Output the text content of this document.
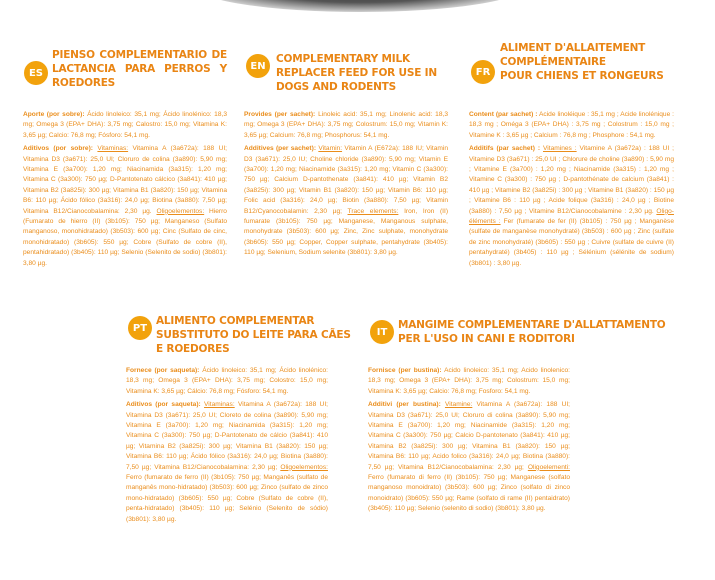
ES
PIENSO COMPLEMENTARIO DE LACTANCIA PARA PERROS Y ROEDORES

Aporte (por sobre): Ácido linoleico: 35,1 mg; Ácido linolénico: 18,3 mg; Omega 3 (EPA+ DHA): 3,75 mg; Calostro: 15,0 mg; Vitamina K: 3,65 µg; Calcio: 76,8 mg; Fósforo: 54,1 mg.

Aditivos (por sobre): Vitaminas: Vitamina A (3a672a): 188 UI; Vitamina D3 (3a671): 25,0 UI; Cloruro de colina (3a890): 5,90 mg; Vitamina E (3a700): 1,20 mg; Niacinamida (3a315): 1,20 mg; Vitamina C (3a300): 750 µg; D-Pantotenato cálcico (3a841): 410 µg; Vitamina B2 (3a825i): 300 µg; Vitamina B1 (3a820): 150 µg; Vitamina B6: 110 µg; Ácido fólico (3a316): 24,0 µg; Biotina (3a880): 7,50 µg; Vitamina B12/Cianocobalamina: 2,30 µg. Oligoelementos: Hierro (Fumarato de hierro (II) (3b105): 750 µg; Manganeso (Sulfato manganoso, monohidratado) (3b503): 600 µg; Cinc (Sulfato de cinc, monohidratado) (3b605): 550 µg; Cobre (Sulfato de cobre (II), pentahidratado) (3b405): 110 µg; Selenio (Selenito de sodio) (3b801): 3,80 µg.

EN
COMPLEMENTARY MILK REPLACER FEED FOR USE IN DOGS AND RODENTS

Provides (per sachet): Linoleic acid: 35,1 mg; Linolenic acid: 18,3 mg; Omega 3 (EPA+ DHA): 3,75 mg; Colostrum: 15,0 mg; Vitamin K: 3,65 µg; Calcium: 76,8 mg; Phosphorus: 54,1 mg.

Additives (per sachet): Vitamin: Vitamin A (E672a): 188 IU; Vitamin D3 (3a671): 25,0 IU; Choline chloride (3a890): 5,90 mg; Vitamin E (3a700): 1,20 mg; Niacinamide (3a315): 1,20 mg; Vitamin C (3a300): 750 µg; Calcium D-pantothenate (3a841): 410 µg; Vitamin B2 (3a825i): 300 µg; Vitamin B1 (3a820): 150 µg; Vitamin B6: 110 µg; Folic acid (3a316): 24,0 µg; Biotin (3a880): 7,50 µg; Vitamin B12/Cyanocobalamin: 2,30 µg; Trace elements: Iron, Iron (II) fumarate (3b105): 750 µg; Manganese, Manganous sulphate, monohydrate (3b503): 600 µg; Zinc, Zinc sulphate, monohydrate (3b605): 550 µg; Copper, Copper sulphate, pentahydrate (3b405): 110 µg; Selenium, Sodium selenite (3b801): 3,80 µg.

FR
ALIMENT D'ALLAITEMENT
COMPLÉMENTAIRE
POUR CHIENS ET RONGEURS

Content (par sachet) : Acide linoléique : 35,1 mg ; Acide linolénique : 18,3 mg ; Oméga 3 (EPA+ DHA) : 3,75 mg ; Colostrum : 15,0 mg ; Vitamine K : 3,65 µg ; Calcium : 76,8 mg ; Phosphore : 54,1 mg.

Additifs (par sachet) : Vitamines : Vitamine A (3a672a) : 188 UI ; Vitamine D3 (3a671) : 25,0 UI ; Chlorure de choline (3a890) : 5,90 mg ; Vitamine E (3a700) : 1,20 mg ; Niacinamide (3a315) : 1,20 mg ; Vitamine C (3a300) : 750 µg ; D-pantothénate de calcium (3a841) : 410 µg ; Vitamine B2 (3a825i) : 300 µg ; Vitamine B1 (3a820) : 150 µg ; Vitamine B6 : 110 µg ; Acide folique (3a316) : 24,0 µg ; Biotine (3a880) : 7,50 µg ; Vitamine B12/Cianocobalamine : 2,30 µg. Oligo-éléments : Fer (fumarate de fer (II) (3b105) : 750 µg ; Manganèse (sulfate de manganèse monohydraté) (3b503) : 600 µg ; Zinc (sulfate de zinc monohydraté) (3b605) : 550 µg ; Cuivre (sulfate de cuivre (II) pentahydraté) (3b405) : 110 µg ; Sélénium (sélénite de sodium) (3b801) : 3,80 µg.

PT
ALIMENTO COMPLEMENTAR SUBSTITUTO DO LEITE PARA CÃES E ROEDORES

Fornece (por saqueta): Ácido linoleico: 35,1 mg; Ácido linolénico: 18,3 mg; Omega 3 (EPA+ DHA): 3,75 mg; Colostro: 15,0 mg; Vitamina K: 3,65 µg; Cálcio: 76,8 mg; Fósforo: 54,1 mg.

Aditivos (por saqueta): Vitaminas: Vitamina A (3a672a): 188 UI; Vitamina D3 (3a671): 25,0 UI; Cloreto de colina (3a890): 5,90 mg; Vitamina E (3a700): 1,20 mg; Niacinamida (3a315): 1,20 mg; Vitamina C (3a300): 750 µg; D-Pantotenato de cálcio (3a841): 410 µg; Vitamina B2 (3a825i): 300 µg; Vitamina B1 (3a820): 150 µg; Vitamina B6: 110 µg; Ácido fólico (3a316): 24,0 µg; Biotina (3a880): 7,50 µg; Vitamina B12/Cianocobalamina: 2,30 µg; Oligoelementos: Ferro (fumarato de ferro (II) (3b105): 750 µg; Manganês (sulfato de manganês mono-hidratado) (3b503): 600 µg; Zinco (sulfato de zinco mono-hidratado) (3b605): 550 µg; Cobre (Sulfato de cobre (II), penta-hidratado) (3b405): 110 µg; Selénio (Selenito de sódio) (3b801): 3,80 µg.

IT
MANGIME COMPLEMENTARE D'ALLATTAMENTO PER L'USO IN CANI E RODITORI

Fornisce (per bustina): Acido linoleico: 35,1 mg; Acido linolenico: 18,3 mg; Omega 3 (EPA+ DHA): 3,75 mg; Colostrum: 15,0 mg; Vitamina K: 3,65 µg; Calcio: 76,8 mg; Fosforo: 54,1 mg.

Additivi (per bustina): Vitamine: Vitamina A (3a672a): 188 UI; Vitamina D3 (3a671): 25,0 UI; Cloruro di colina (3a890): 5,90 mg; Vitamina E (3a700): 1,20 mg; Niacinamide (3a315): 1,20 mg; Vitamina C (3a300): 750 µg; Calcio D-pantotenato (3a841): 410 µg; Vitamina B2 (3a825i): 300 µg; Vitamina B1 (3a820): 150 µg; Vitamina B6: 110 µg; Acido folico (3a316): 24,0 µg; Biotina (3a880): 7,50 µg; Vitamina B12/Cianocobalamina: 2,30 µg; Oligoelementi: Ferro (fumarato di ferro (II) (3b105): 750 µg; Manganese (solfato manganoso monoidrato) (3b503): 600 µg; Zinco (solfato di zinco monoidrato) (3b605): 550 µg; Rame (solfato di rame (II) pentaidrato) (3b405): 110 µg; Selenio (selenito di sodio) (3b801): 3,80 µg.
